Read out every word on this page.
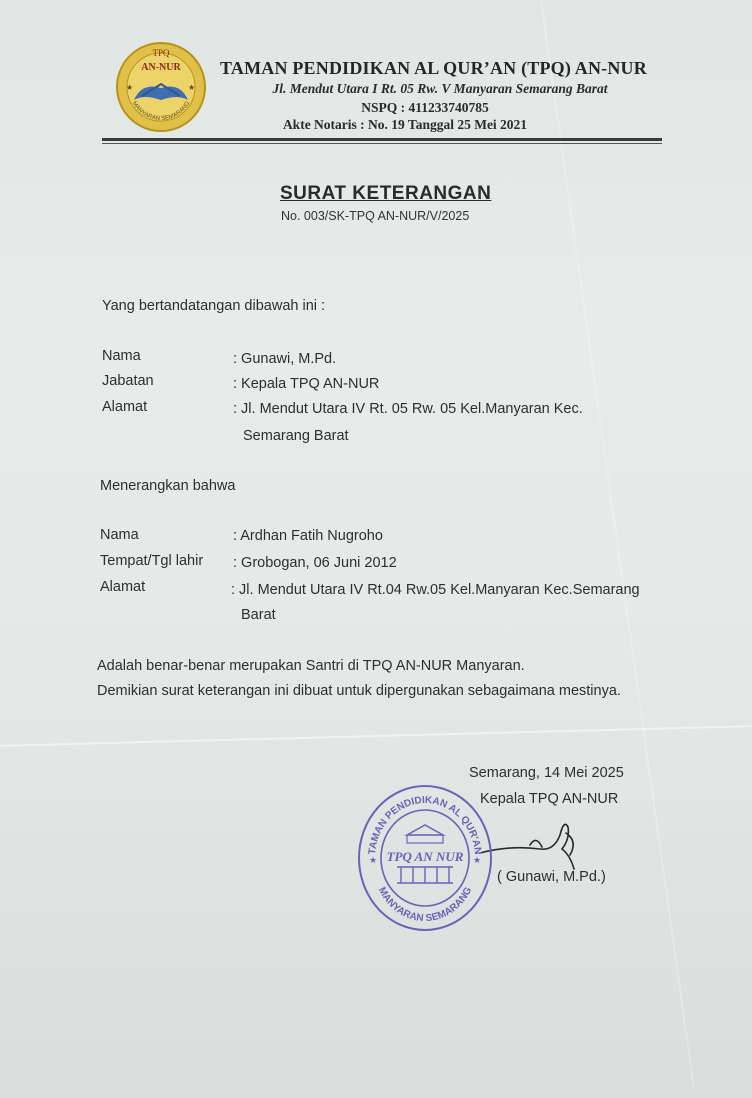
TPQ
AN-NUR
MANYARAN SEMARANG
★	★
TAMAN PENDIDIKAN AL QUR’AN (TPQ) AN-NUR
Jl. Mendut Utara I Rt. 05 Rw. V Manyaran Semarang Barat
NSPQ : 411233740785
Akte Notaris : No. 19 Tanggal 25 Mei 2021
SURAT KETERANGAN
No. 003/SK-TPQ AN-NUR/V/2025
Yang bertandatangan dibawah ini :
Nama	: Gunawi, M.Pd.
Jabatan	: Kepala TPQ AN-NUR
Alamat	: Jl. Mendut Utara IV Rt. 05 Rw. 05 Kel.Manyaran Kec.
Semarang Barat
Menerangkan bahwa
Nama	: Ardhan Fatih Nugroho
Tempat/Tgl lahir : Grobogan, 06 Juni 2012
Alamat	: Jl. Mendut Utara IV Rt.04 Rw.05 Kel.Manyaran Kec.Semarang
Barat
Adalah benar-benar merupakan Santri di TPQ AN-NUR Manyaran.
Demikian surat keterangan ini dibuat untuk dipergunakan sebagaimana mestinya.
Semarang, 14 Mei 2025
Kepala TPQ AN-NUR
( Gunawi, M.Pd.)
TAMAN PENDIDIKAN AL QUR'AN
MANYARAN SEMARANG
TPQ AN NUR
★	★
